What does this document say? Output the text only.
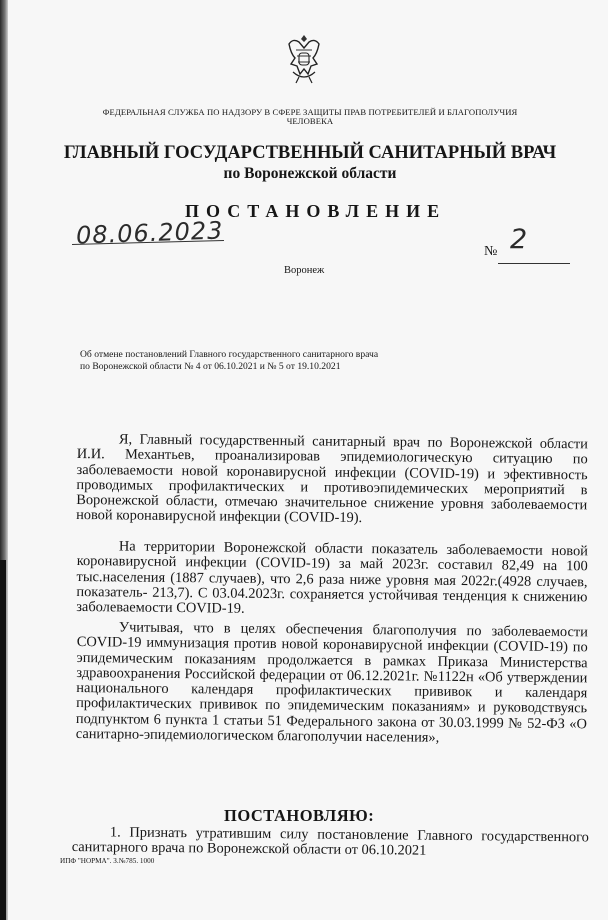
ФЕДЕРАЛЬНАЯ СЛУЖБА ПО НАДЗОРУ В СФЕРЕ ЗАЩИТЫ ПРАВ ПОТРЕБИТЕЛЕЙ И БЛАГОПОЛУЧИЯ ЧЕЛОВЕКА
ГЛАВНЫЙ ГОСУДАРСТВЕННЫЙ САНИТАРНЫЙ ВРАЧ
по Воронежской области
ПОСТАНОВЛЕНИЕ
08.06.2023
№ 2
Воронеж
Об отмене постановлений Главного государственного санитарного врача по Воронежской области № 4 от 06.10.2021 и № 5 от 19.10.2021
Я, Главный государственный санитарный врач по Воронежской области И.И. Механтьев, проанализировав эпидемиологическую ситуацию по заболеваемости новой коронавирусной инфекции (COVID-19) и эфективность проводимых профилактических и противоэпидемических мероприятий в Воронежской области, отмечаю значительное снижение уровня заболеваемости новой коронавирусной инфекции (COVID-19).
На территории Воронежской области показатель заболеваемости новой коронавирусной инфекции (COVID-19) за май 2023г. составил 82,49 на 100 тыс.населения (1887 случаев), что 2,6 раза ниже уровня мая 2022г.(4928 случаев, показатель- 213,7). С 03.04.2023г. сохраняется устойчивая тенденция к снижению заболеваемости COVID-19.
Учитывая, что в целях обеспечения благополучия по заболеваемости COVID-19 иммунизация против новой коронавирусной инфекции (COVID-19) по эпидемическим показаниям продолжается в рамках Приказа Министерства здравоохранения Российской федерации от 06.12.2021г. №1122н «Об утверждении национального календаря профилактических прививок и календаря профилактических прививок по эпидемическим показаниям» и руководствуясь подпунктом 6 пункта 1 статьи 51 Федерального закона от 30.03.1999 № 52-ФЗ «О санитарно-эпидемиологическом благополучии населения»,
ПОСТАНОВЛЯЮ:
1. Признать утратившим силу постановление Главного государственного санитарного врача по Воронежской области от 06.10.2021
ИПФ "НОРМА". З.№785. 1000
